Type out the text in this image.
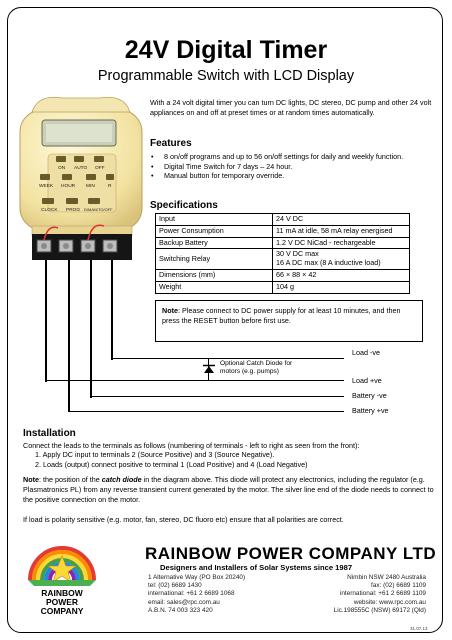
24V Digital Timer
Programmable Switch with LCD Display
ON AUTO OFF
WEEK HOUR MIN	R
CLOCK PROG D/MAN/TO/OFF
With a 24 volt digital timer you can turn DC lights, DC stereo, DC pump and other 24 volt appliances on and off at preset times or at random times automatically.
Features
• 8 on/off programs and up to 56 on/off settings for daily and weekly function.
• Digital Time Switch for 7 days – 24 hour.
• Manual button for temporary override.
Specifications
Input	24 V DC
Power Consumption	11 mA at idle, 58 mA relay energised
Backup Battery	1.2 V DC NiCad - rechargeable
Switching Relay	30 V DC max
16 A DC max (8 A inductive load)

Dimensions (mm)	66 × 88 × 42
Weight	104 g
Note: Please connect to DC power supply for at least 10 minutes, and then press the RESET button before first use.
Optional Catch Diode for
motors (e.g. pumps)
Load -ve
Load +ve
Battery -ve
Battery +ve
Installation
Connect the leads to the terminals as follows (numbering of terminals - left to right as seen from the front):
1. Apply DC input to terminals 2 (Source Positive) and 3 (Source Negative).
2. Loads (output) connect positive to terminal 1 (Load Positive) and 4 (Load Negative)
Note: the position of the catch diode in the diagram above. This diode will protect any electronics, including the regulator (e.g. Plasmatronics PL) from any reverse transient current generated by the motor. The silver line end of the diode needs to connect to the positive connection on the motor.
If load is polarity sensitive (e.g. motor, fan, stereo, DC fluoro etc) ensure that all polarities are correct.
RAINBOW
POWER
COMPANY
RAINBOW POWER COMPANY LTD
Designers and Installers of Solar Systems since 1987
1 Alternative Way (PO Box 20240)
tel: (02) 6689 1430
international: +61 2 6689 1068
email: sales@rpc.com.au
A.B.N. 74 003 323 420
Nimbin NSW 2480 Australia
fax: (02) 6689 1109
international: +61 2 6689 1109
website: www.rpc.com.au
Lic.198555C (NSW) 69172 (Qld)
31.07.13
